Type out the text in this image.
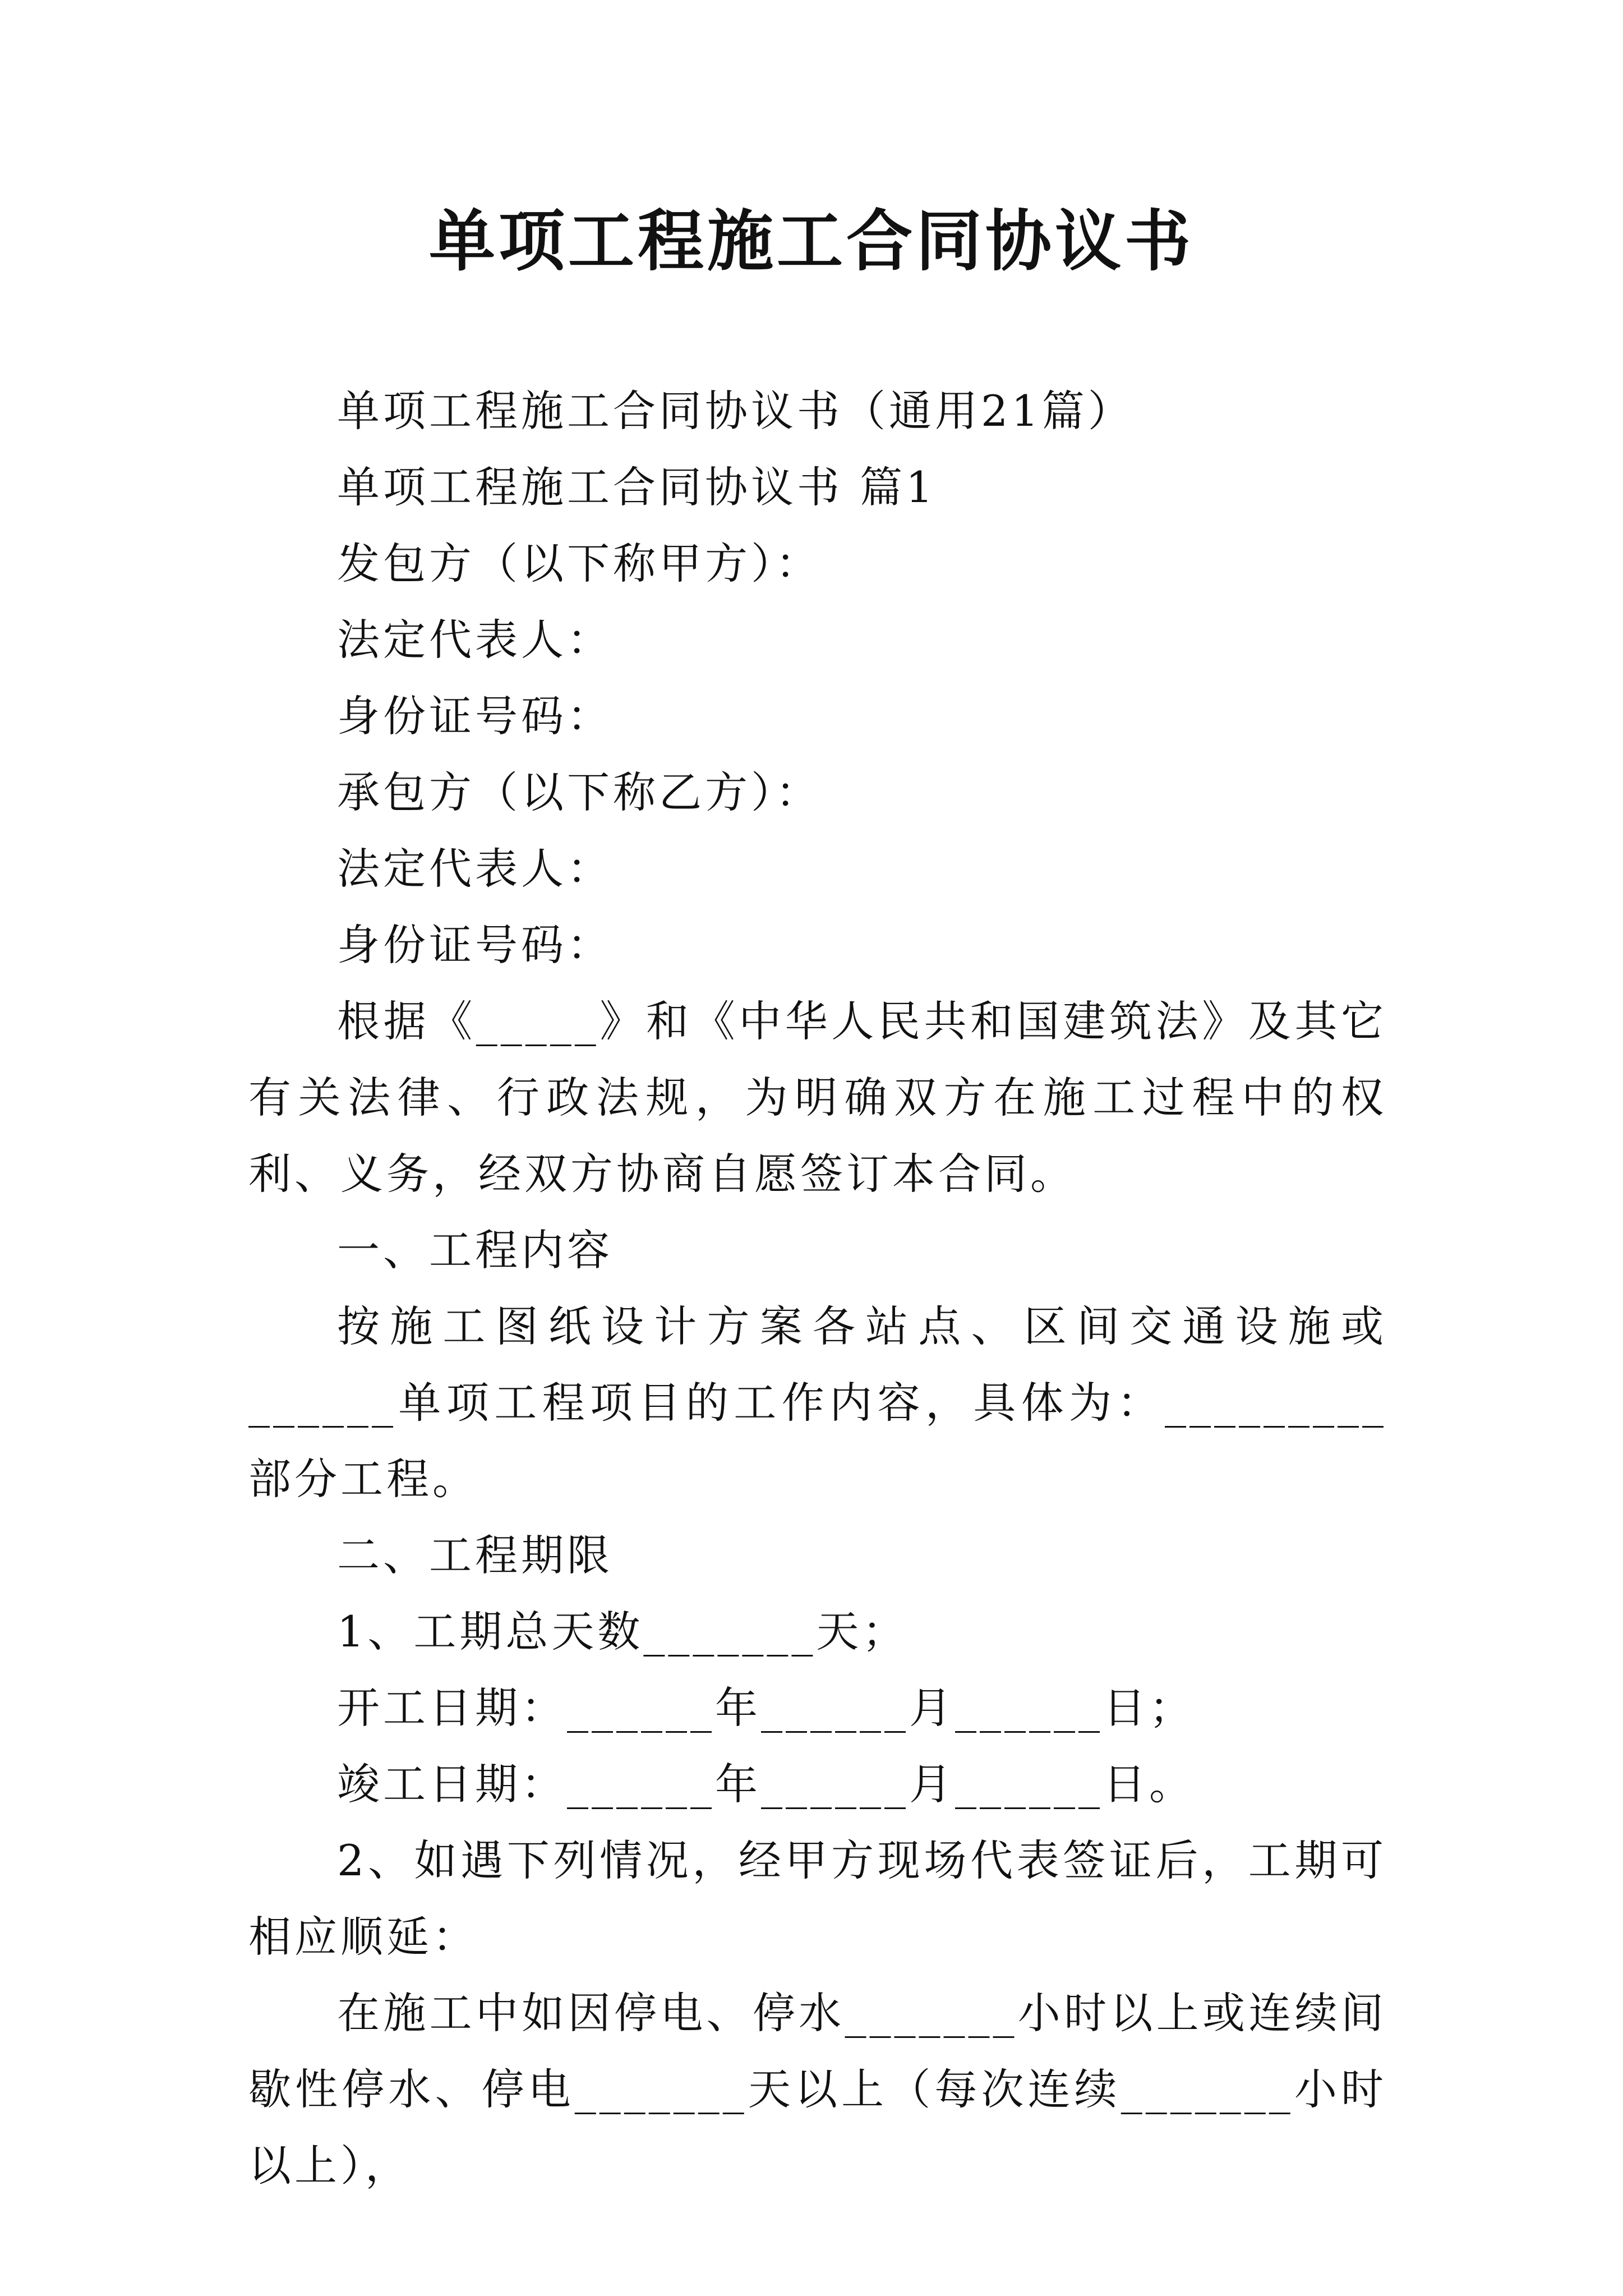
单项工程施工合同协议书

单项工程施工合同协议书（通用21篇）

单项工程施工合同协议书 篇1

发包方（以下称甲方）：

法定代表人：

身份证号码：

承包方（以下称乙方）：

法定代表人：

身份证号码：

根据《_____》和《中华人民共和国建筑法》及其它有关法律、行政法规，为明确双方在施工过程中的权利、义务，经双方协商自愿签订本合同。

一、工程内容

按施工图纸设计方案各站点、区间交通设施或______单项工程项目的工作内容，具体为：_________部分工程。

二、工程期限

1、工期总天数_______天；

开工日期：______年______月______日；

竣工日期：______年______月______日。

2、如遇下列情况，经甲方现场代表签证后，工期可相应顺延：

在施工中如因停电、停水_______小时以上或连续间歇性停水、停电_______天以上（每次连续_______小时以上），
